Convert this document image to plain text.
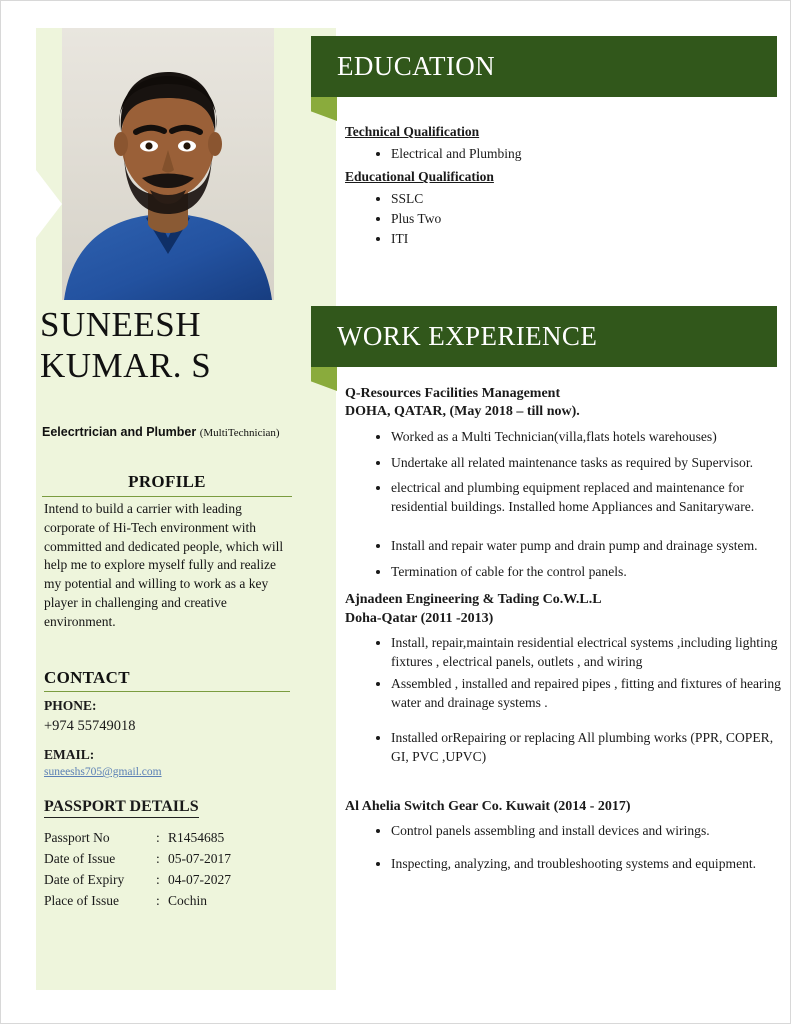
SUNEESH
KUMAR. S
Eelecrtrician and Plumber (MultiTechnician)
PROFILE
Intend to build a carrier with leading corporate of Hi-Tech environment with committed and dedicated people, which will help me to explore myself fully and realize my potential and willing to work as a key player in challenging and creative environment.
CONTACT
PHONE:
+974 55749018
EMAIL:
suneeshs705@gmail.com
PASSPORT DETAILS
Passport No	: R1454685
Date of Issue	: 05-07-2017
Date of Expiry	: 04-07-2027
Place of Issue	: Cochin
EDUCATION
Technical Qualification
• Electrical and Plumbing
Educational Qualification
• SSLC
• Plus Two
• ITI
WORK EXPERIENCE
Q-Resources Facilities Management
DOHA, QATAR, (May 2018 – till now).
• Worked as a Multi Technician(villa,flats hotels warehouses)
• Undertake all related maintenance tasks as required by Supervisor.
• electrical and plumbing equipment replaced and maintenance for residential buildings. Installed home Appliances and Sanitaryware.
• Install and repair water pump and drain pump and drainage system.
• Termination of cable for the control panels.
Ajnadeen Engineering & Tading Co.W.L.L
Doha-Qatar (2011 -2013)
• Install, repair,maintain residential electrical systems ,including lighting fixtures , electrical panels, outlets , and wiring
• Assembled , installed and repaired pipes , fitting and fixtures of hearing water and drainage systems .
• Installed orRepairing or replacing All plumbing works (PPR, COPER, GI, PVC ,UPVC)
Al Ahelia Switch Gear Co. Kuwait (2014 - 2017)
• Control panels assembling and install devices and wirings.
• Inspecting, analyzing, and troubleshooting systems and equipment.
